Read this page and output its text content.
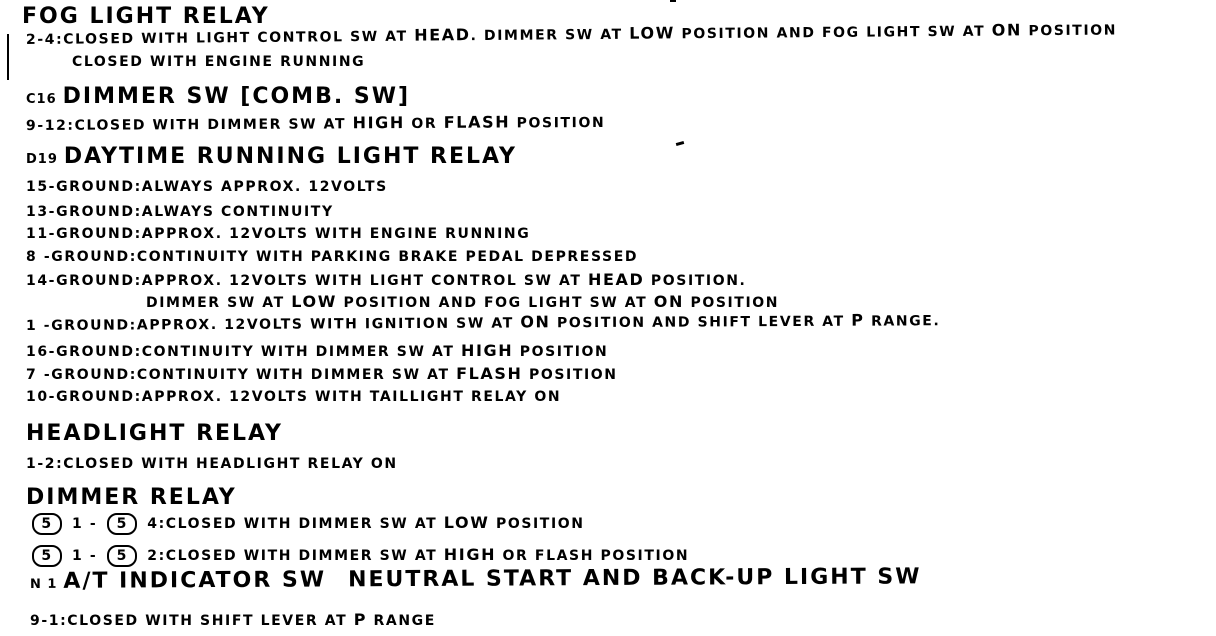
FOG LIGHT RELAY
2-4:CLOSED WITH LIGHT CONTROL SW AT HEAD. DIMMER SW AT LOW POSITION AND FOG LIGHT SW AT ON POSITION
CLOSED WITH ENGINE RUNNING
C16 DIMMER SW [COMB. SW]
9-12:CLOSED WITH DIMMER SW AT HIGH OR FLASH POSITION
D19 DAYTIME RUNNING LIGHT RELAY
15-GROUND:ALWAYS APPROX. 12VOLTS
13-GROUND:ALWAYS CONTINUITY
11-GROUND:APPROX. 12VOLTS WITH ENGINE RUNNING
8 -GROUND:CONTINUITY WITH PARKING BRAKE PEDAL DEPRESSED
14-GROUND:APPROX. 12VOLTS WITH LIGHT CONTROL SW AT HEAD POSITION.
DIMMER SW AT LOW POSITION AND FOG LIGHT SW AT ON POSITION
1 -GROUND:APPROX. 12VOLTS WITH IGNITION SW AT ON POSITION AND SHIFT LEVER AT P RANGE.
16-GROUND:CONTINUITY WITH DIMMER SW AT HIGH POSITION
7 -GROUND:CONTINUITY WITH DIMMER SW AT FLASH POSITION
10-GROUND:APPROX. 12VOLTS WITH TAILLIGHT RELAY ON
HEADLIGHT RELAY
1-2:CLOSED WITH HEADLIGHT RELAY ON
DIMMER RELAY
5 1 - 5 4:CLOSED WITH DIMMER SW AT LOW POSITION
5 1 - 5 2:CLOSED WITH DIMMER SW AT HIGH OR FLASH POSITION
N 1 A/T INDICATOR SW NEUTRAL START AND BACK-UP LIGHT SW
9-1:CLOSED WITH SHIFT LEVER AT P RANGE
